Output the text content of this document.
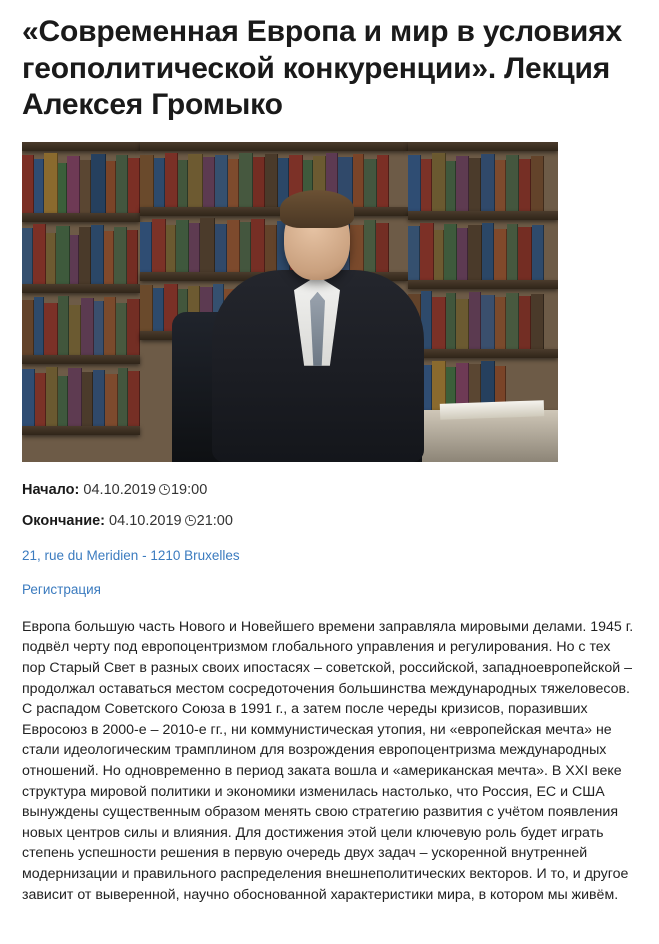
«Современная Европа и мир в условиях геополитической конкуренции». Лекция Алексея Громыко
Начало: 04.10.2019 19:00
Окончание: 04.10.2019 21:00
21, rue du Meridien - 1210 Bruxelles
Регистрация

Европа большую часть Нового и Новейшего времени заправляла мировыми делами. 1945 г. подвёл черту под европоцентризмом глобального управления и регулирования. Но с тех пор Старый Свет в разных своих ипостасях – советской, российской, западноевропейской – продолжал оставаться местом сосредоточения большинства международных тяжеловесов. С распадом Советского Союза в 1991 г., а затем после череды кризисов, поразивших Евросоюз в 2000-е – 2010-е гг., ни коммунистическая утопия, ни «европейская мечта» не стали идеологическим трамплином для возрождения европоцентризма международных отношений. Но одновременно в период заката вошла и «американская мечта». В XXI веке структура мировой политики и экономики изменилась настолько, что Россия, ЕС и США вынуждены существенным образом менять свою стратегию развития с учётом появления новых центров силы и влияния. Для достижения этой цели ключевую роль будет играть степень успешности решения в первую очередь двух задач – ускоренной внутренней модернизации и правильного распределения внешнеполитических векторов. И то, и другое зависит от выверенной, научно обоснованной характеристики мира, в котором мы живём.
